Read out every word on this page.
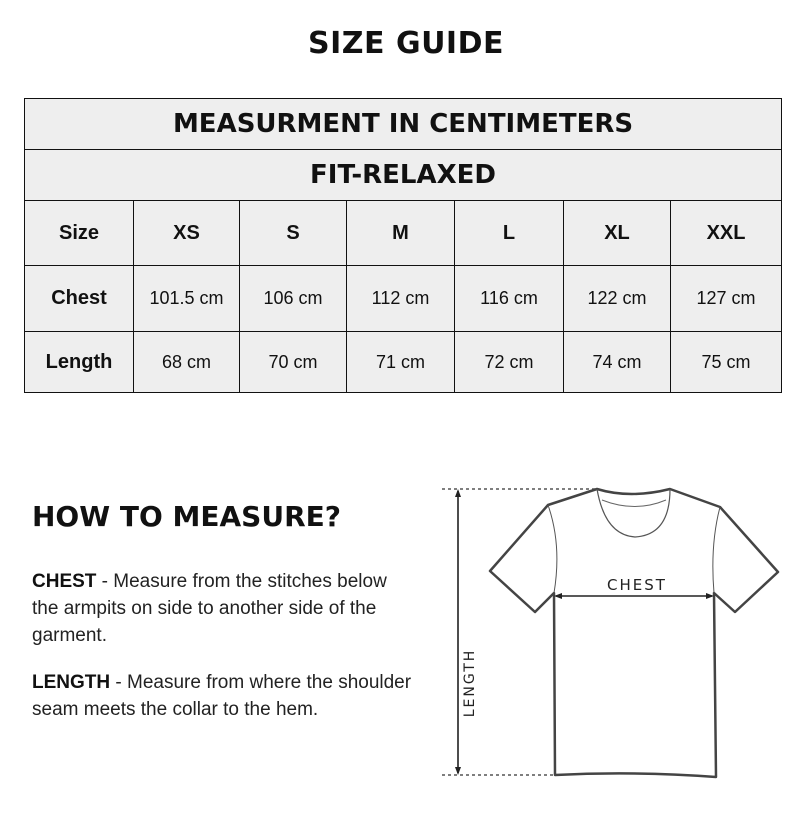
SIZE GUIDE
MEASURMENT IN CENTIMETERS						
FIT-RELAXED						
Size	XS	S	M	L	XL	XXL
Chest	101.5 cm	106 cm	112 cm	116 cm	122 cm	127 cm
Length	68 cm	70 cm	71 cm	72 cm	74 cm	75 cm
HOW TO MEASURE?
CHEST - Measure from the stitches below the armpits on side to another side of the garment.
LENGTH - Measure from where the shoulder seam meets the collar to the hem.
CHEST
LENGTH
